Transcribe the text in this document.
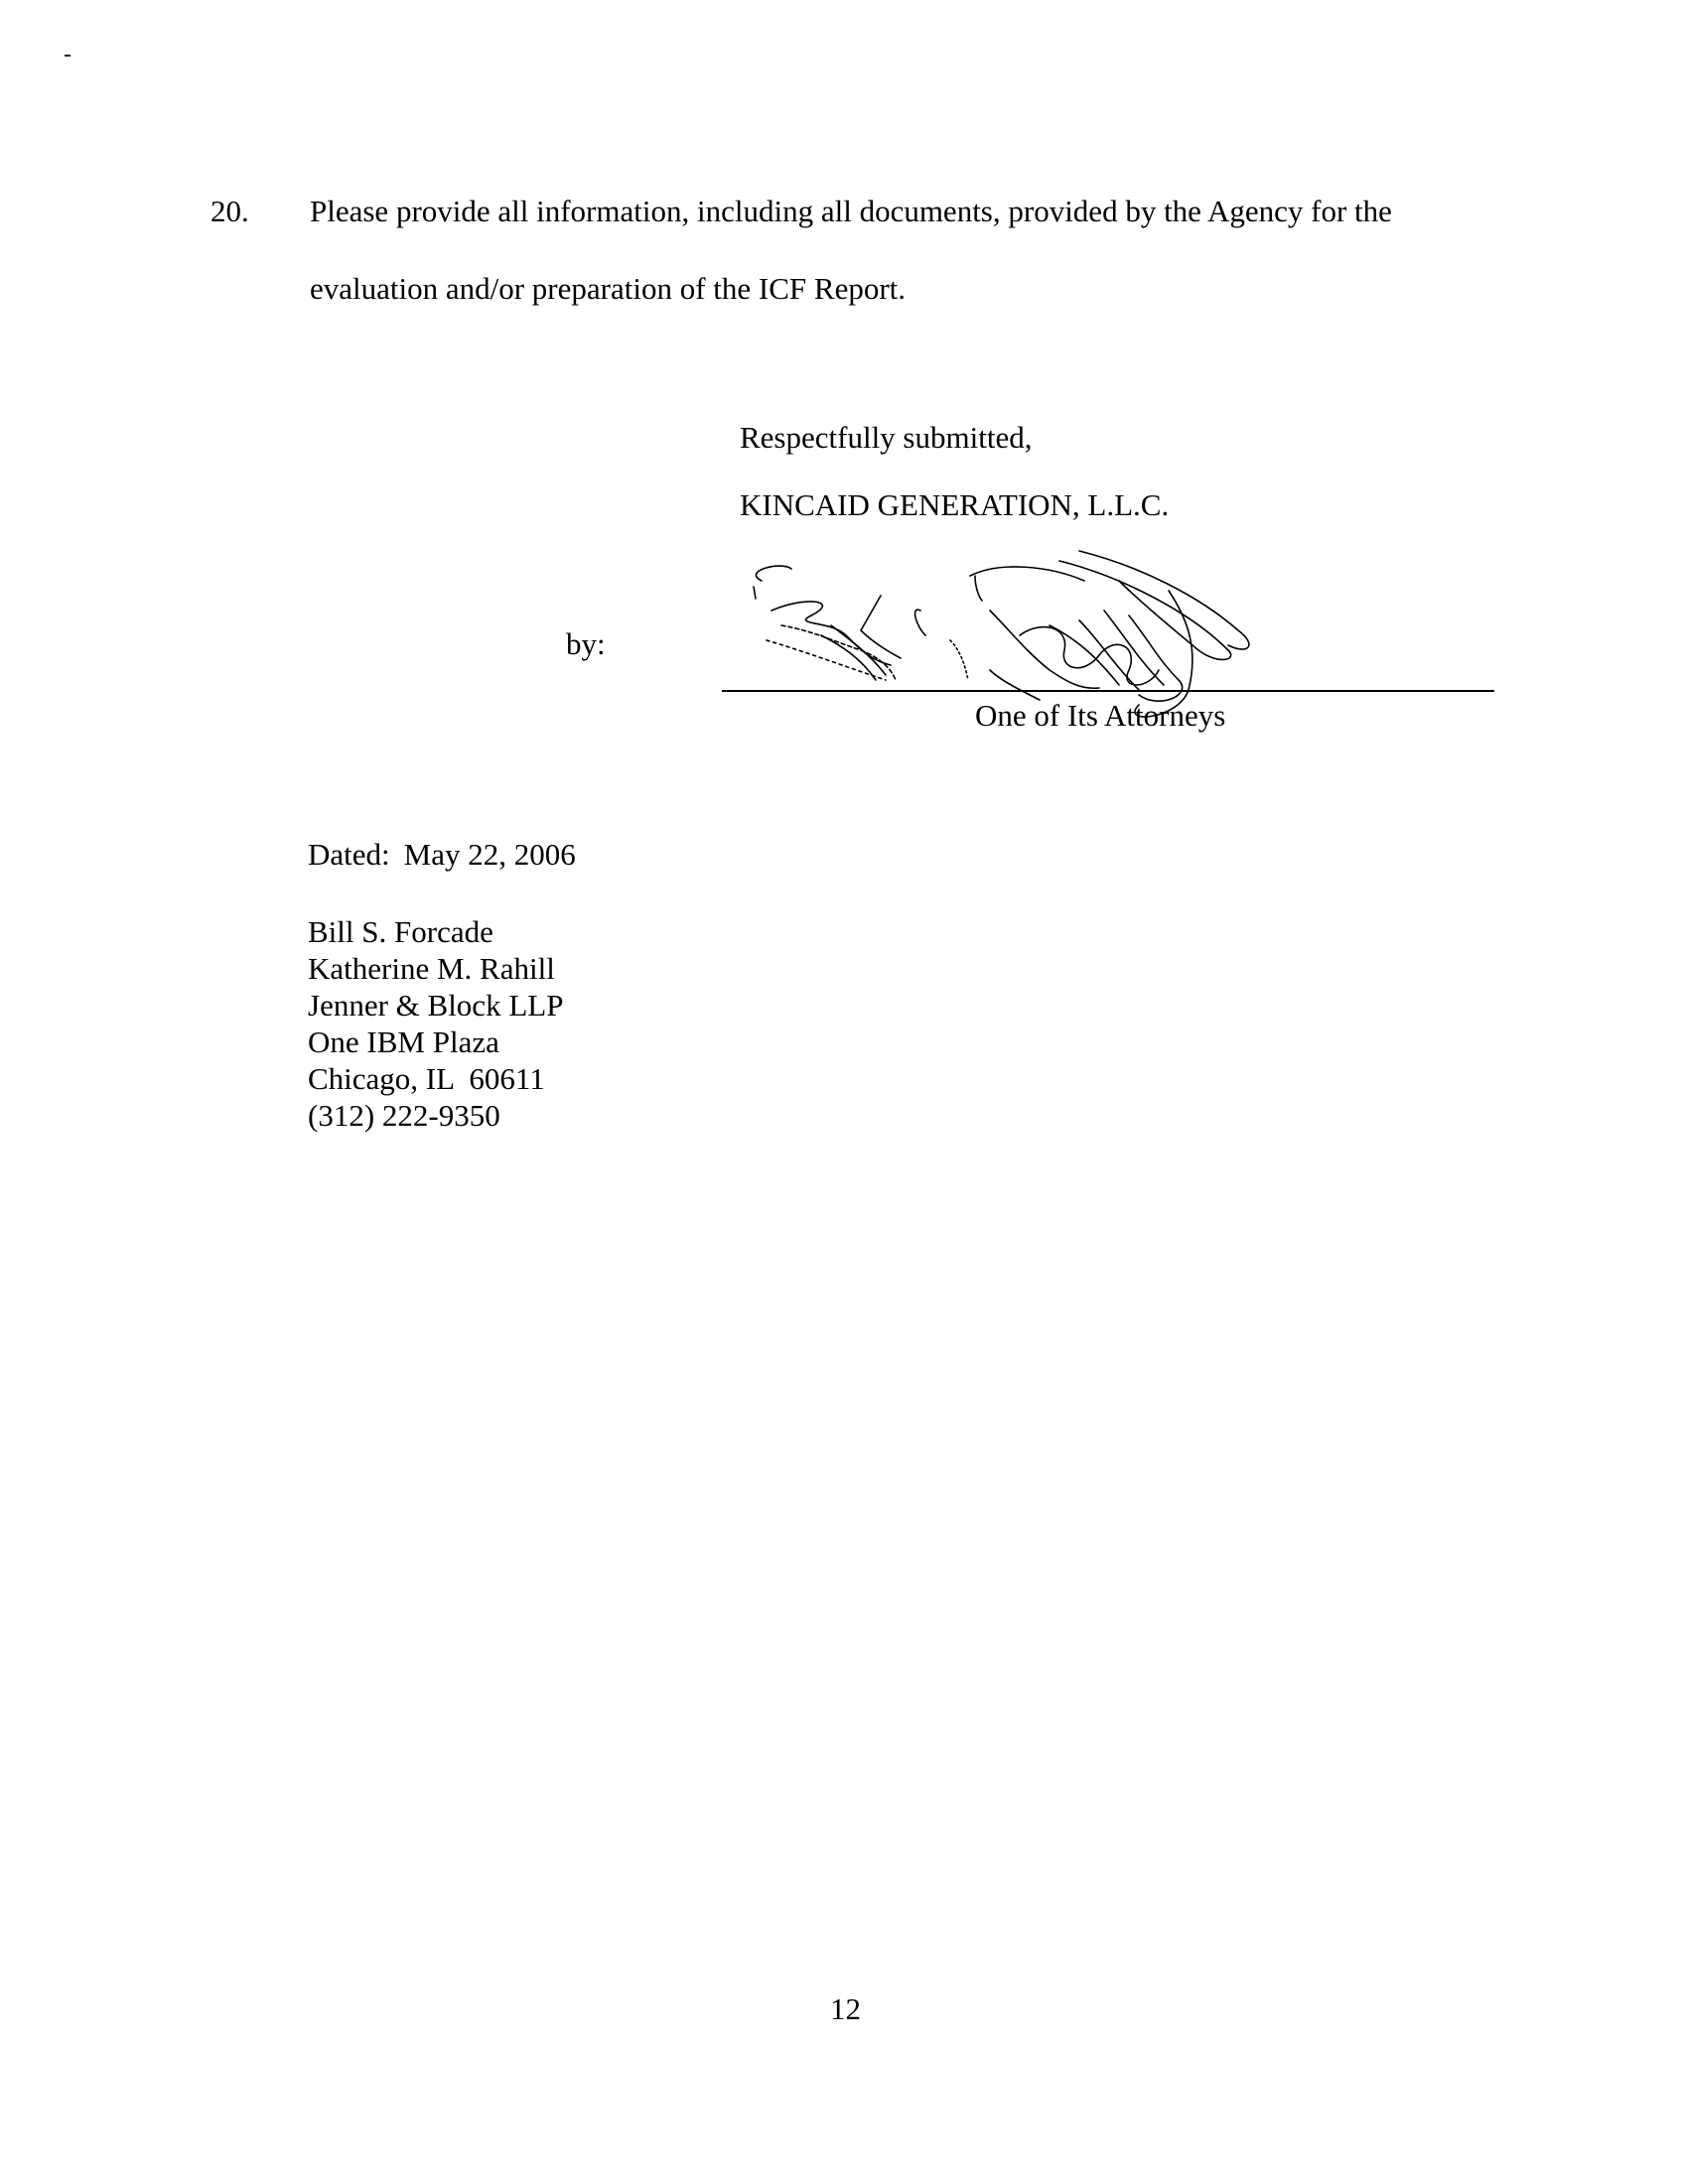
20. Please provide all information, including all documents, provided by the Agency for the
evaluation and/or preparation of the ICF Report.
Respectfully submitted,
KINCAID GENERATION, L.L.C.
by:
One of Its Attorneys
Dated: May 22, 2006
Bill S. Forcade
Katherine M. Rahill
Jenner & Block LLP
One IBM Plaza
Chicago, IL  60611
(312) 222-9350
12
